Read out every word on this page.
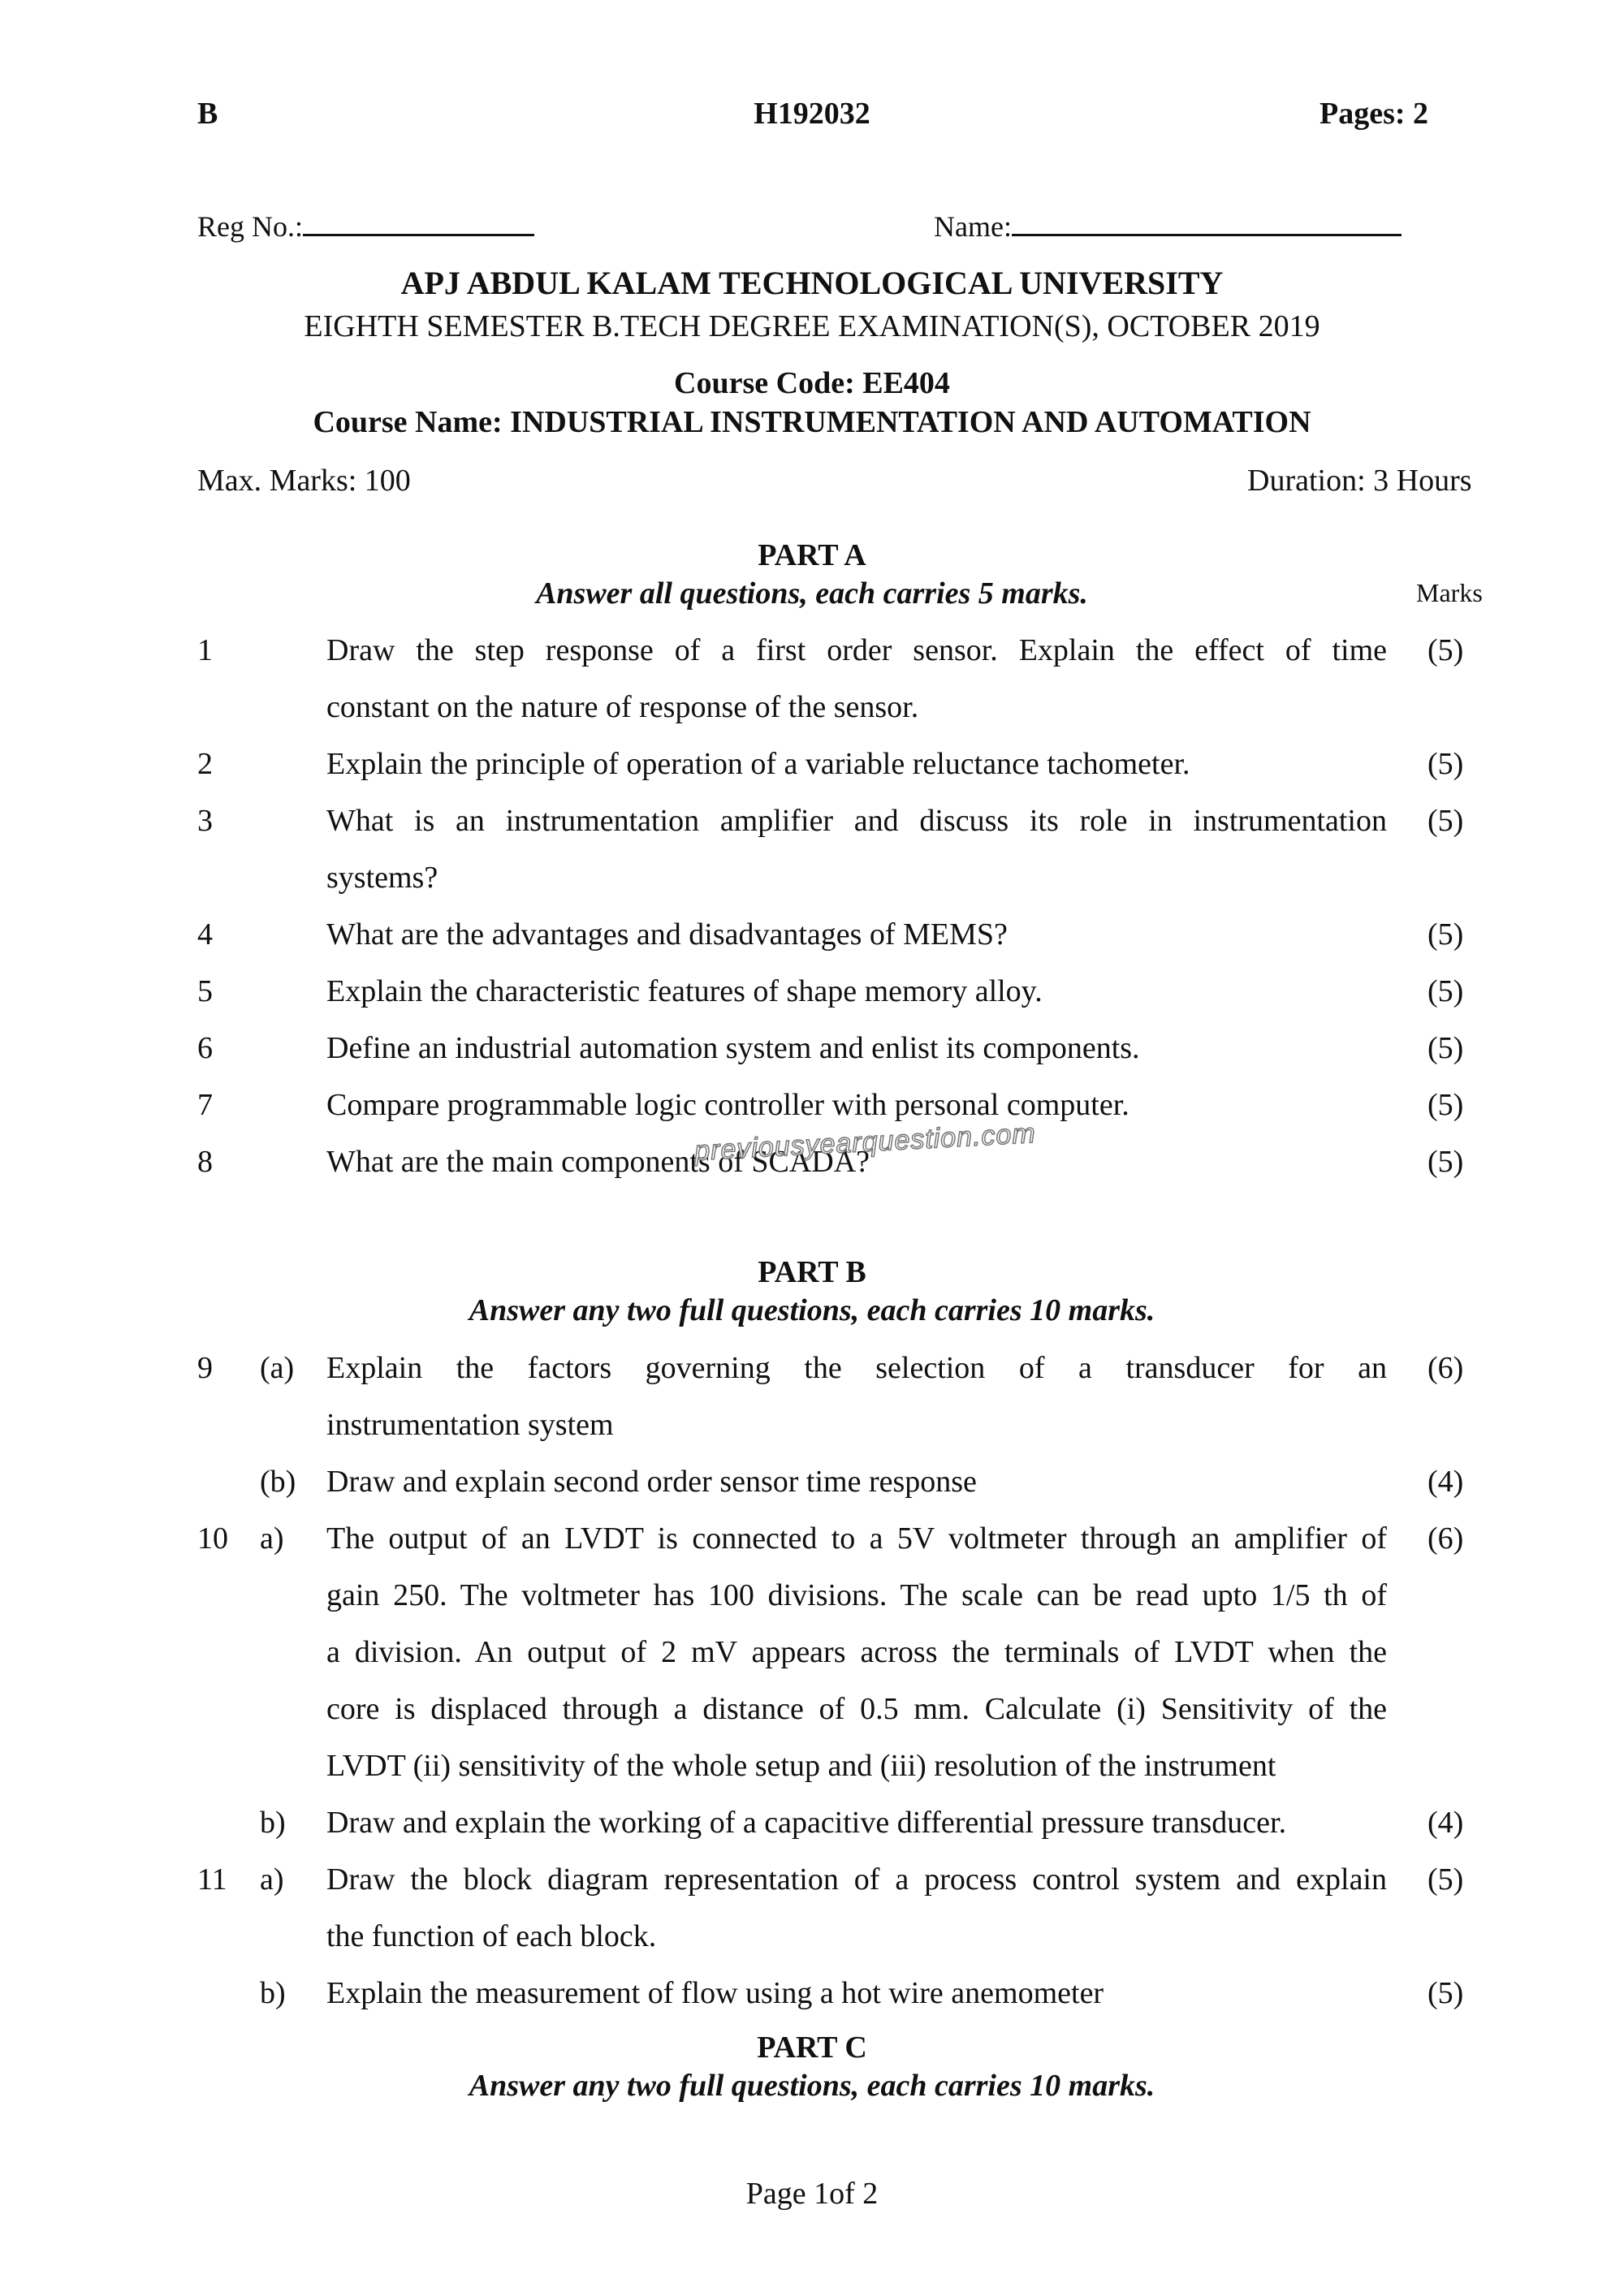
B	H192032	Pages: 2
Reg No.:	Name:
APJ ABDUL KALAM TECHNOLOGICAL UNIVERSITY
EIGHTH SEMESTER B.TECH DEGREE EXAMINATION(S), OCTOBER 2019
Course Code: EE404
Course Name: INDUSTRIAL INSTRUMENTATION AND AUTOMATION
Max. Marks: 100	Duration: 3 Hours
PART A
Answer all questions, each carries 5 marks.	Marks
1	Draw the step response of a first order sensor. Explain the effect of time (5)
constant on the nature of response of the sensor.
2	Explain the principle of operation of a variable reluctance tachometer.	(5)
3	What is an instrumentation amplifier and discuss its role in instrumentation (5)
systems?
4	What are the advantages and disadvantages of MEMS?	(5)
5	Explain the characteristic features of shape memory alloy.	(5)
6	Define an industrial automation system and enlist its components.	(5)
7	Compare programmable logic controller with personal computer.	(5)
8	What are the main components of SCADA?	(5)
previousyearquestion.com
PART B
Answer any two full questions, each carries 10 marks.
9 (a) Explain the factors governing the selection of a transducer for an (6)
instrumentation system
(b) Draw and explain second order sensor time response	(4)
10 a) The output of an LVDT is connected to a 5V voltmeter through an amplifier of (6)
gain 250. The voltmeter has 100 divisions. The scale can be read upto 1/5 th of
a division. An output of 2 mV appears across the terminals of LVDT when the
core is displaced through a distance of 0.5 mm. Calculate (i) Sensitivity of the
LVDT (ii) sensitivity of the whole setup and (iii) resolution of the instrument
b) Draw and explain the working of a capacitive differential pressure transducer.	(4)
11 a) Draw the block diagram representation of a process control system and explain (5)
the function of each block.
b) Explain the measurement of flow using a hot wire anemometer	(5)
PART C
Answer any two full questions, each carries 10 marks.
Page 1of 2
